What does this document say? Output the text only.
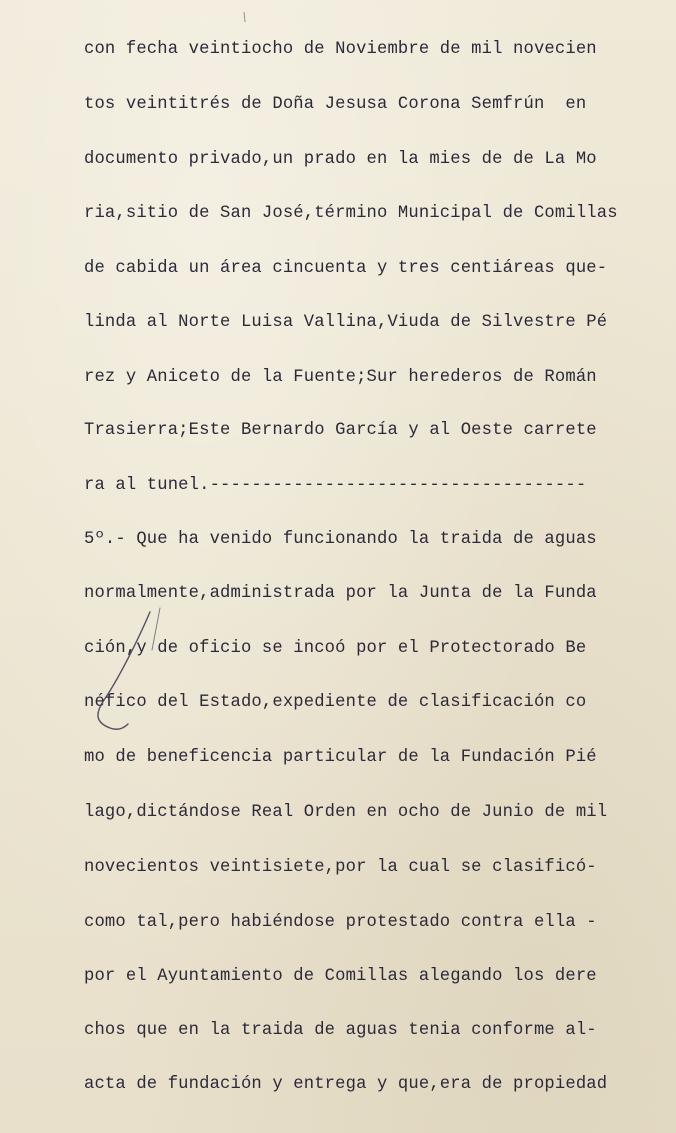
con fecha veintiocho de Noviembre de mil novecien
tos veintitrés de Doña Jesusa Corona Semfrún  en
documento privado,un prado en la mies de de La Mo
ria,sitio de San José,término Municipal de Comillas
de cabida un área cincuenta y tres centiáreas que-
linda al Norte Luisa Vallina,Viuda de Silvestre Pé
rez y Aniceto de la Fuente;Sur herederos de Román
Trasierra;Este Bernardo García y al Oeste carrete
ra al tunel.------------------------------------
5º.- Que ha venido funcionando la traida de aguas
normalmente,administrada por la Junta de la Funda
ción,y de oficio se incoó por el Protectorado Be
néfico del Estado,expediente de clasificación co
mo de beneficencia particular de la Fundación Pié
lago,dictándose Real Orden en ocho de Junio de mil
novecientos veintisiete,por la cual se clasificó-
como tal,pero habiéndose protestado contra ella -
por el Ayuntamiento de Comillas alegando los dere
chos que en la traida de aguas tenia conforme al-
acta de fundación y entrega y que,era de propiedad
